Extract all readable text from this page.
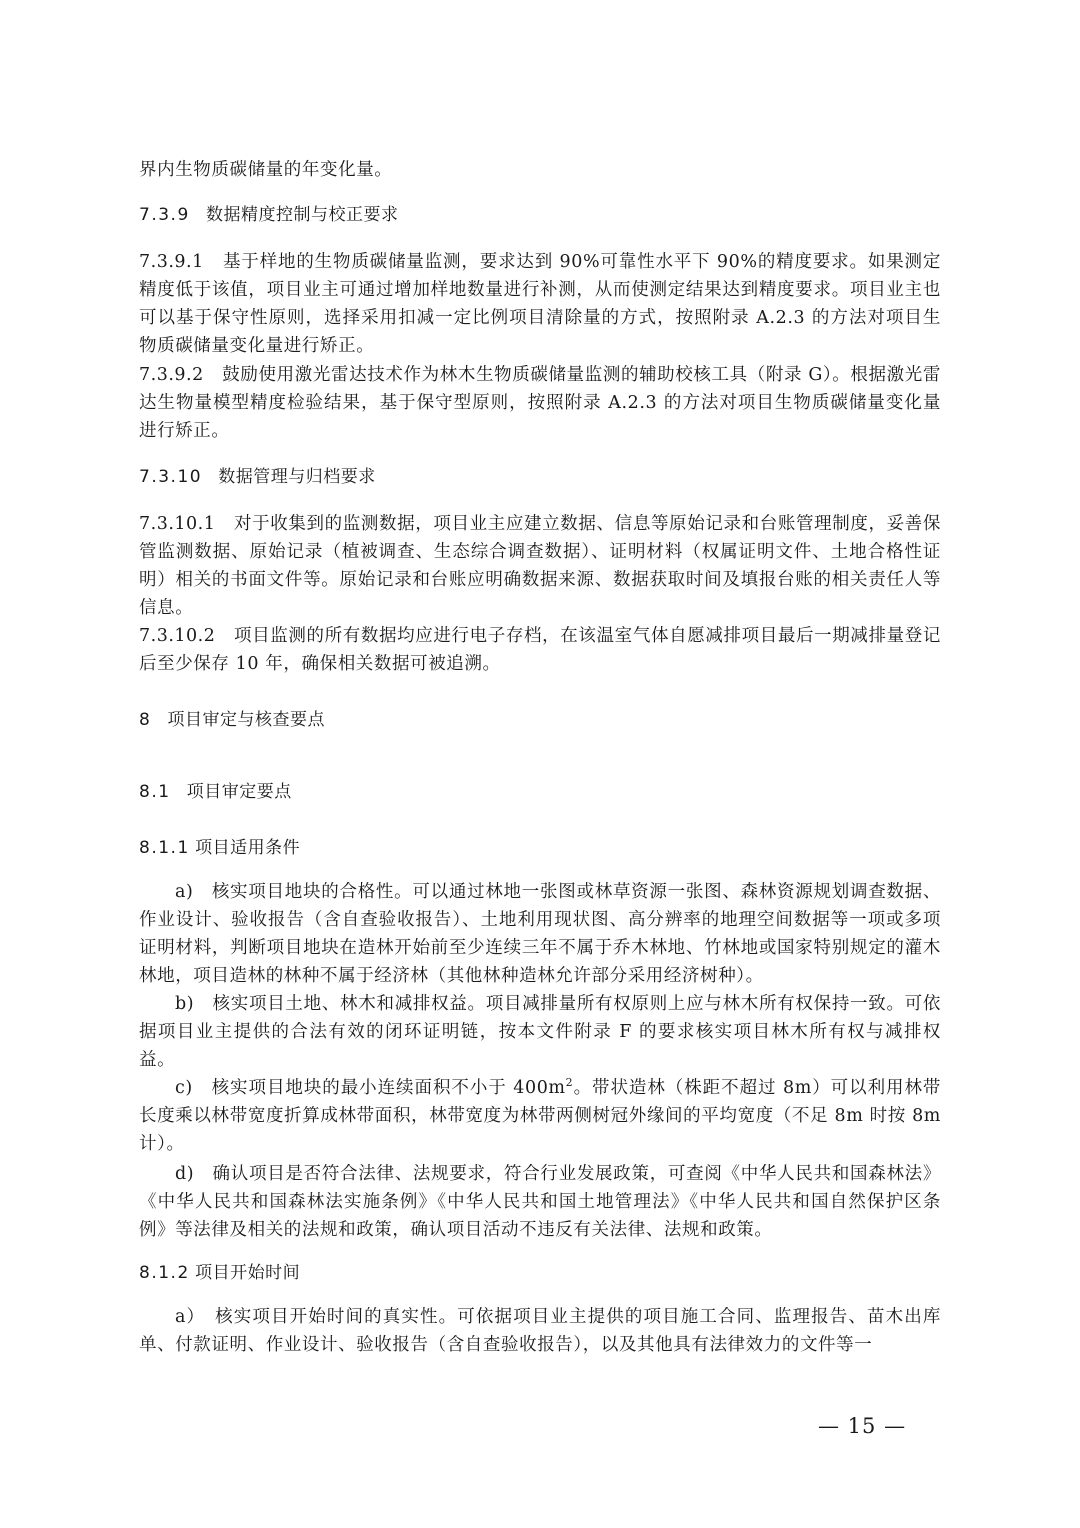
界内生物质碳储量的年变化量。

7.3.9 数据精度控制与校正要求

7.3.9.1 基于样地的生物质碳储量监测，要求达到 90%可靠性水平下 90%的精度要求。如果测定精度低于该值，项目业主可通过增加样地数量进行补测，从而使测定结果达到精度要求。项目业主也可以基于保守性原则，选择采用扣减一定比例项目清除量的方式，按照附录 A.2.3 的方法对项目生物质碳储量变化量进行矫正。

7.3.9.2 鼓励使用激光雷达技术作为林木生物质碳储量监测的辅助校核工具（附录 G）。根据激光雷达生物量模型精度检验结果，基于保守型原则，按照附录 A.2.3 的方法对项目生物质碳储量变化量进行矫正。

7.3.10 数据管理与归档要求

7.3.10.1 对于收集到的监测数据，项目业主应建立数据、信息等原始记录和台账管理制度，妥善保管监测数据、原始记录（植被调查、生态综合调查数据）、证明材料（权属证明文件、土地合格性证明）相关的书面文件等。原始记录和台账应明确数据来源、数据获取时间及填报台账的相关责任人等信息。

7.3.10.2 项目监测的所有数据均应进行电子存档，在该温室气体自愿减排项目最后一期减排量登记后至少保存 10 年，确保相关数据可被追溯。

8 项目审定与核查要点
8.1 项目审定要点
8.1.1 项目适用条件

a)　核实项目地块的合格性。可以通过林地一张图或林草资源一张图、森林资源规划调查数据、作业设计、验收报告（含自查验收报告）、土地利用现状图、高分辨率的地理空间数据等一项或多项证明材料，判断项目地块在造林开始前至少连续三年不属于乔木林地、竹林地或国家特别规定的灌木林地，项目造林的林种不属于经济林（其他林种造林允许部分采用经济树种）。

b)　核实项目土地、林木和减排权益。项目减排量所有权原则上应与林木所有权保持一致。可依据项目业主提供的合法有效的闭环证明链，按本文件附录 F 的要求核实项目林木所有权与减排权益。

c)　核实项目地块的最小连续面积不小于 $400m^2$。带状造林（株距不超过 8m）可以利用林带长度乘以林带宽度折算成林带面积，林带宽度为林带两侧树冠外缘间的平均宽度（不足 8m 时按 8m 计）。

d)　确认项目是否符合法律、法规要求，符合行业发展政策，可查阅《中华人民共和国森林法》《中华人民共和国森林法实施条例》《中华人民共和国土地管理法》《中华人民共和国自然保护区条例》等法律及相关的法规和政策，确认项目活动不违反有关法律、法规和政策。

8.1.2 项目开始时间

a）　核实项目开始时间的真实性。可依据项目业主提供的项目施工合同、监理报告、苗木出库单、付款证明、作业设计、验收报告（含自查验收报告），以及其他具有法律效力的文件等一

— 15 —
